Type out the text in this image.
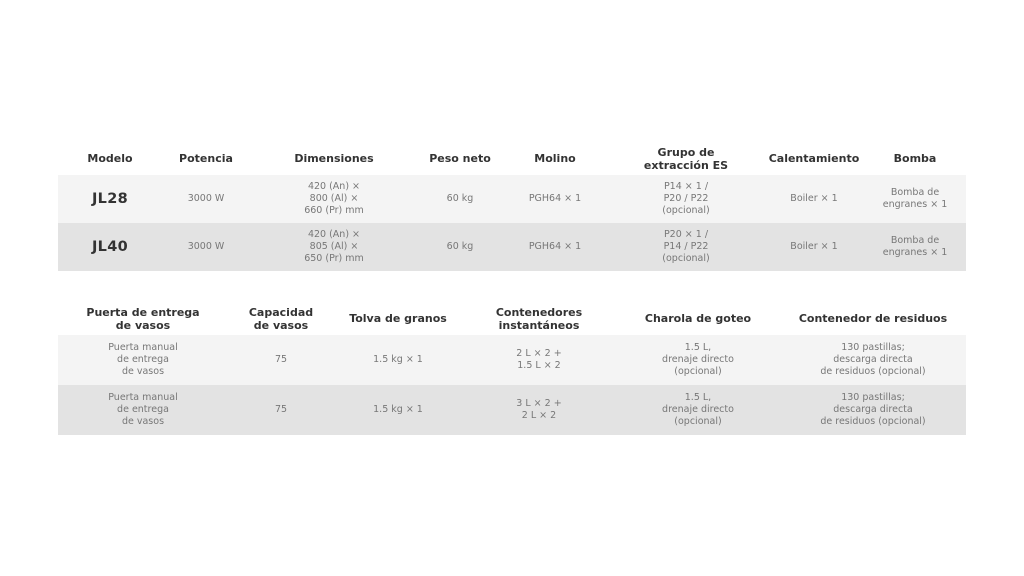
Modelo	Potencia	Dimensiones	Peso neto	Molino	Grupo de
extracción ES	Calentamiento	Bomba
JL28	3000 W	420 (An) ×
800 (Al) ×
660 (Pr) mm	60 kg	PGH64 × 1	P14 × 1 /
P20 / P22
(opcional)	Boiler × 1	Bomba de
engranes × 1
JL40	3000 W	420 (An) ×
805 (Al) ×
650 (Pr) mm	60 kg	PGH64 × 1	P20 × 1 /
P14 / P22
(opcional)	Boiler × 1	Bomba de
engranes × 1
Puerta de entrega
de vasos	Capacidad
de vasos	Tolva de granos	Contenedores
instantáneos	Charola de goteo	Contenedor de residuos
Puerta manual
de entrega
de vasos	75	1.5 kg × 1	2 L × 2 +
1.5 L × 2	1.5 L,
drenaje directo
(opcional)	130 pastillas;
descarga directa
de residuos (opcional)
Puerta manual
de entrega
de vasos	75	1.5 kg × 1	3 L × 2 +
2 L × 2	1.5 L,
drenaje directo
(opcional)	130 pastillas;
descarga directa
de residuos (opcional)
